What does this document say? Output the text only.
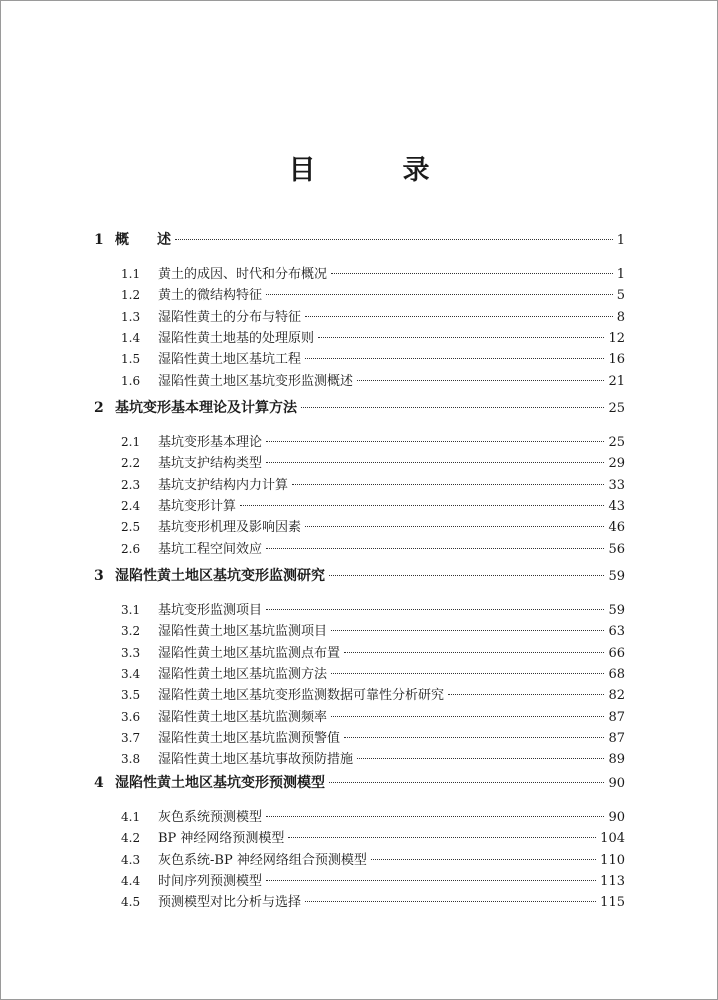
目　录
1 概　　述	1
1.1	黄土的成因、时代和分布概况	1
1.2	黄土的微结构特征	5
1.3	湿陷性黄土的分布与特征	8
1.4	湿陷性黄土地基的处理原则	12
1.5	湿陷性黄土地区基坑工程	16
1.6	湿陷性黄土地区基坑变形监测概述	21
2 基坑变形基本理论及计算方法	25
2.1	基坑变形基本理论	25
2.2	基坑支护结构类型	29
2.3	基坑支护结构内力计算	33
2.4	基坑变形计算	43
2.5	基坑变形机理及影响因素	46
2.6	基坑工程空间效应	56
3 湿陷性黄土地区基坑变形监测研究	59
3.1	基坑变形监测项目	59
3.2	湿陷性黄土地区基坑监测项目	63
3.3	湿陷性黄土地区基坑监测点布置	66
3.4	湿陷性黄土地区基坑监测方法	68
3.5	湿陷性黄土地区基坑变形监测数据可靠性分析研究	82
3.6	湿陷性黄土地区基坑监测频率	87
3.7	湿陷性黄土地区基坑监测预警值	87
3.8	湿陷性黄土地区基坑事故预防措施	89
4 湿陷性黄土地区基坑变形预测模型	90
4.1	灰色系统预测模型	90
4.2	BP 神经网络预测模型	104
4.3	灰色系统-BP 神经网络组合预测模型	110
4.4	时间序列预测模型	113
4.5	预测模型对比分析与选择	115
